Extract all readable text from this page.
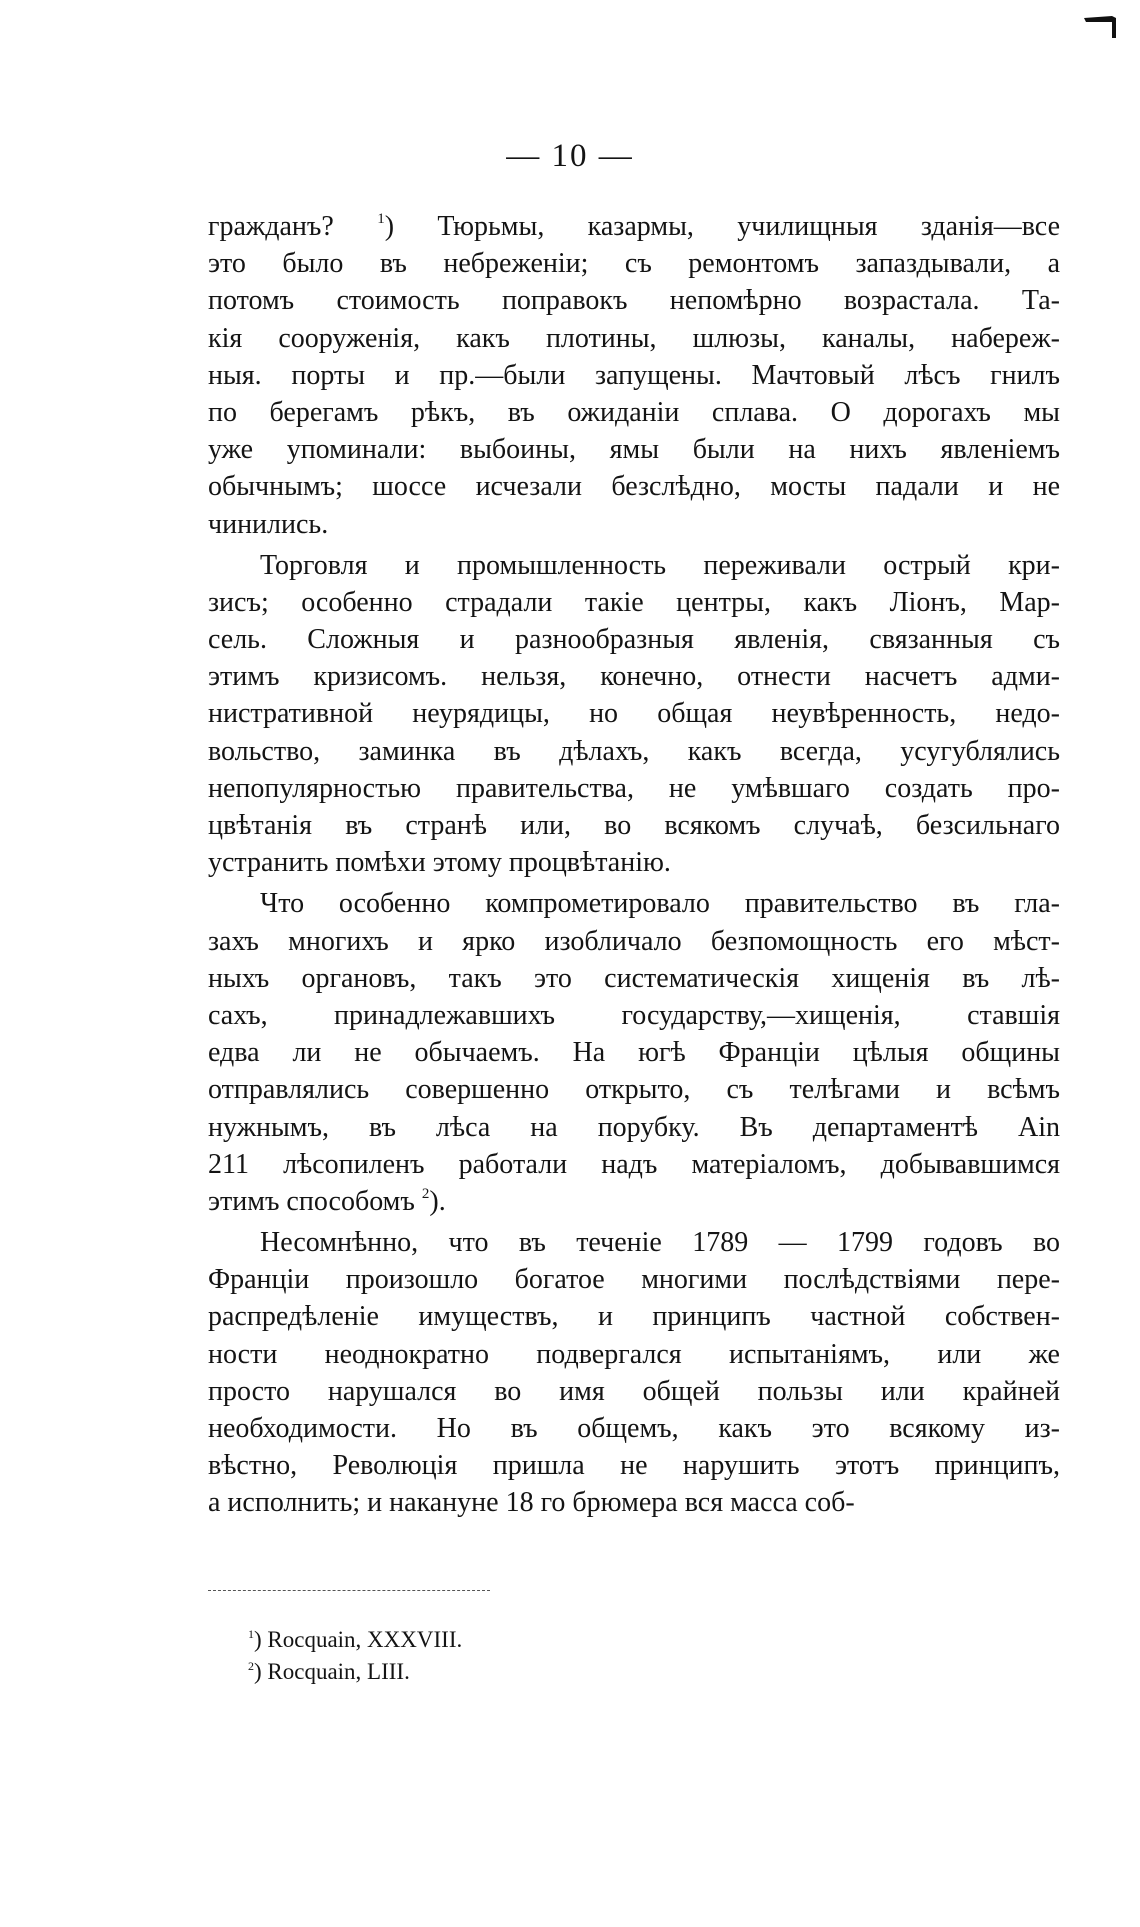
— 10 —
гражданъ? $^1$) Тюрьмы, казармы, училищныя зданія—все
это было въ небреженіи; съ ремонтомъ запаздывали, а
потомъ стоимость поправокъ непомѣрно возрастала. Та-
кія сооруженія, какъ плотины, шлюзы, каналы, набереж-
ныя. порты и пр.—были запущены. Мачтовый лѣсъ гнилъ
по берегамъ рѣкъ, въ ожиданіи сплава. О дорогахъ мы
уже упоминали: выбоины, ямы были на нихъ явленіемъ
обычнымъ; шоссе исчезали безслѣдно, мосты падали и не
чинились.
Торговля и промышленность переживали острый кри-
зисъ; особенно страдали такіе центры, какъ Ліонъ, Мар-
сель. Сложныя и разнообразныя явленія, связанныя съ
этимъ кризисомъ. нельзя, конечно, отнести насчетъ адми-
нистративной неурядицы, но общая неувѣренность, недо-
вольство, заминка въ дѣлахъ, какъ всегда, усугублялись
непопулярностью правительства, не умѣвшаго создать про-
цвѣтанія въ странѣ или, во всякомъ случаѣ, безсильнаго
устранить помѣхи этому процвѣтанію.
Что особенно компрометировало правительство въ гла-
захъ многихъ и ярко изобличало безпомощность его мѣст-
ныхъ органовъ, такъ это систематическія хищенія въ лѣ-
сахъ, принадлежавшихъ государству,—хищенія, ставшія
едва ли не обычаемъ. На югѣ Франціи цѣлыя общины
отправлялись совершенно открыто, съ телѣгами и всѣмъ
нужнымъ, въ лѣса на порубку. Въ департаментѣ Ain
211 лѣсопиленъ работали надъ матеріаломъ, добывавшимся
этимъ способомъ $^2$).
Несомнѣнно, что въ теченіе 1789 — 1799 годовъ во
Франціи произошло богатое многими послѣдствіями пере-
распредѣленіе имуществъ, и принципъ частной собствен-
ности неоднократно подвергался испытаніямъ, или же
просто нарушался во имя общей пользы или крайней
необходимости. Но въ общемъ, какъ это всякому из-
вѣстно, Революція пришла не нарушить этотъ принципъ,
а исполнить; и накануне 18 го брюмера вся масса соб-
$^1$) Rocquain, XXXVIII.
$^2$) Rocquain, LIII.
